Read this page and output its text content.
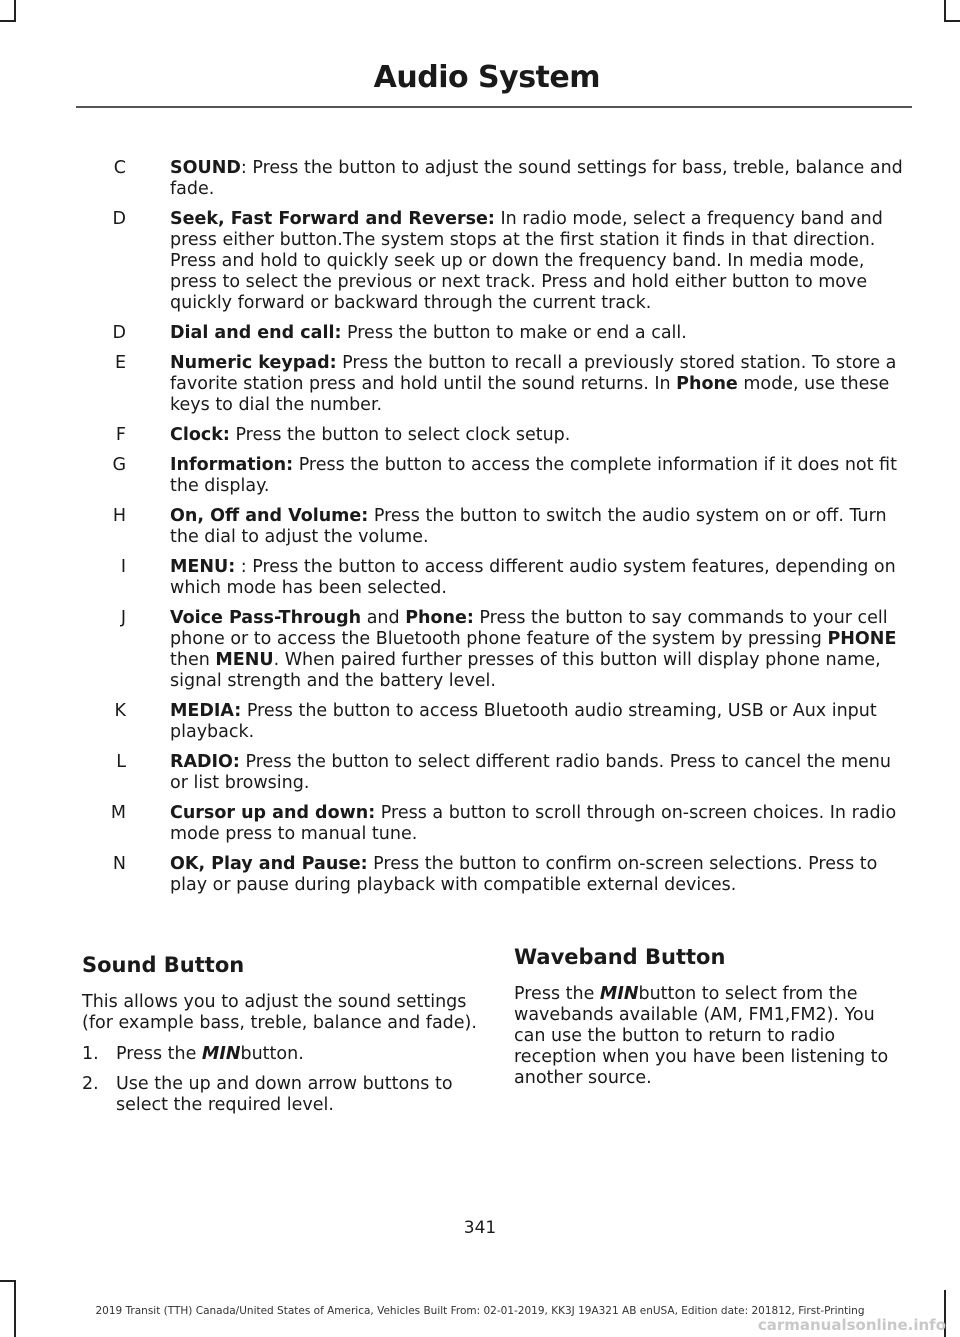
Audio System
C	SOUND: Press the button to adjust the sound settings for bass, treble, balance and fade.
D	Seek, Fast Forward and Reverse: In radio mode, select a frequency band and press either button.The system stops at the first station it finds in that direction. Press and hold to quickly seek up or down the frequency band. In media mode, press to select the previous or next track. Press and hold either button to move quickly forward or backward through the current track.
D	Dial and end call: Press the button to make or end a call.
E	Numeric keypad: Press the button to recall a previously stored station. To store a favorite station press and hold until the sound returns. In Phone mode, use these keys to dial the number.
F	Clock: Press the button to select clock setup.
G	Information: Press the button to access the complete information if it does not fit the display.
H	On, Off and Volume: Press the button to switch the audio system on or off. Turn the dial to adjust the volume.
I	MENU: : Press the button to access different audio system features, depending on which mode has been selected.
J	Voice Pass-Through and Phone: Press the button to say commands to your cell phone or to access the Bluetooth phone feature of the system by pressing PHONE then MENU. When paired further presses of this button will display phone name, signal strength and the battery level.
K	MEDIA: Press the button to access Bluetooth audio streaming, USB or Aux input playback.
L	RADIO: Press the button to select different radio bands. Press to cancel the menu or list browsing.
M	Cursor up and down: Press a button to scroll through on-screen choices. In radio mode press to manual tune.
N	OK, Play and Pause: Press the button to confirm on-screen selections. Press to play or pause during playback with compatible external devices.
Sound Button

This allows you to adjust the sound settings (for example bass, treble, balance and fade).

1. Press the MINbutton.
2. Use the up and down arrow buttons to select the required level.
Waveband Button

Press the MINbutton to select from the wavebands available (AM, FM1,FM2). You can use the button to return to radio reception when you have been listening to another source.

341
2019 Transit (TTH) Canada/United States of America, Vehicles Built From: 02-01-2019, KK3J 19A321 AB enUSA, Edition date: 201812, First-Printing
carmanualsonline.info
